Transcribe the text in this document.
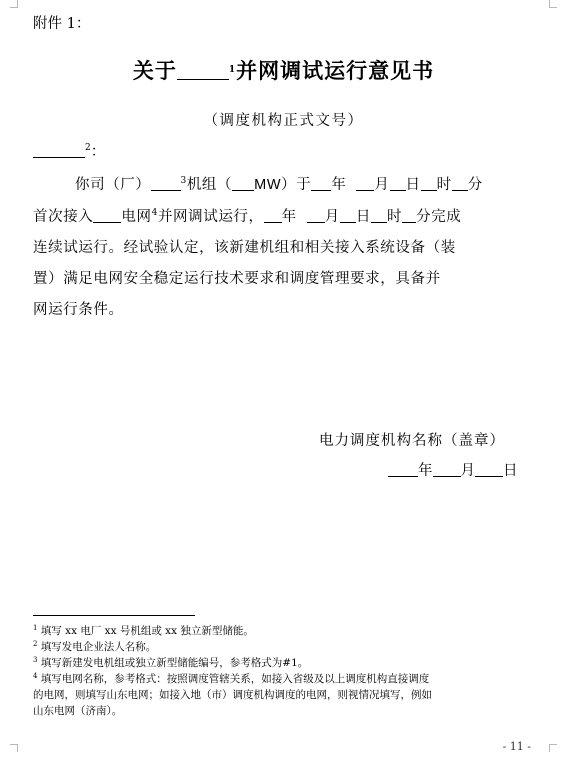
附件 1：
关于	$^1$并网调试运行意见书
（调度机构正式文号）
$^2$：
你司（厂）	$^3$机组（ MW）于 年 月 日 时 分
首次接入 电网$^4$并网调试运行， 年 月 日 时 分完成
连续试运行。经试验认定，该新建机组和相关接入系统设备（装
置）满足电网安全稳定运行技术要求和调度管理要求，具备并
网运行条件。
电力调度机构名称（盖章）
年 月 日
$^1$ 填写 xx 电厂 xx 号机组或 xx 独立新型储能。
$^2$ 填写发电企业法人名称。
$^3$ 填写新建发电机组或独立新型储能编号，参考格式为#1。
$^4$ 填写电网名称，参考格式：按照调度管辖关系，如接入省级及以上调度机构直接调度
的电网，则填写山东电网；如接入地（市）调度机构调度的电网，则视情况填写，例如
山东电网（济南）。
- 11 -
